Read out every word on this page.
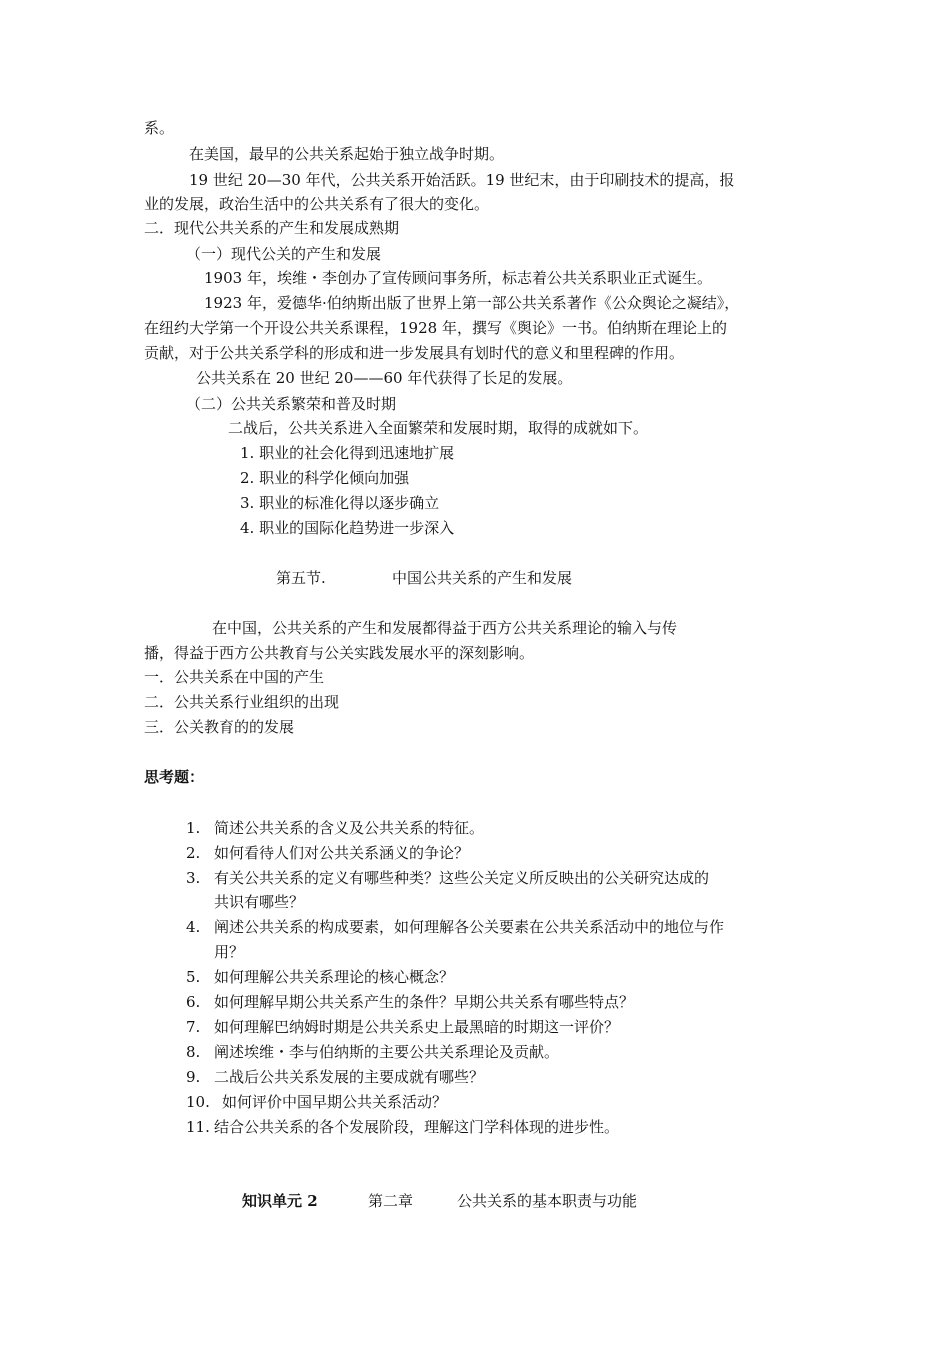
系。
在美国，最早的公共关系起始于独立战争时期。
19 世纪 20—30 年代，公共关系开始活跃。19 世纪末，由于印刷技术的提高，报
业的发展，政治生活中的公共关系有了很大的变化。
二．现代公共关系的产生和发展成熟期
（一）现代公关的产生和发展
1903 年，埃维・李创办了宣传顾问事务所，标志着公共关系职业正式诞生。
1923 年，爱德华·伯纳斯出版了世界上第一部公共关系著作《公众舆论之凝结》，
在纽约大学第一个开设公共关系课程，1928 年，撰写《舆论》一书。伯纳斯在理论上的
贡献，对于公共关系学科的形成和进一步发展具有划时代的意义和里程碑的作用。
公共关系在 20 世纪 20——60 年代获得了长足的发展。
（二）公共关系繁荣和普及时期
二战后，公共关系进入全面繁荣和发展时期，取得的成就如下。
1. 职业的社会化得到迅速地扩展
2. 职业的科学化倾向加强
3. 职业的标准化得以逐步确立
4. 职业的国际化趋势进一步深入
第五节.	中国公共关系的产生和发展
在中国，公共关系的产生和发展都得益于西方公共关系理论的输入与传
播，得益于西方公共教育与公关实践发展水平的深刻影响。
一．公共关系在中国的产生
二．公共关系行业组织的出现
三．公关教育的的发展
思考题：
1. 简述公共关系的含义及公共关系的特征。
2. 如何看待人们对公共关系涵义的争论？
3. 有关公共关系的定义有哪些种类？这些公关定义所反映出的公关研究达成的
共识有哪些？
4. 阐述公共关系的构成要素，如何理解各公关要素在公共关系活动中的地位与作
用？
5. 如何理解公共关系理论的核心概念？
6. 如何理解早期公共关系产生的条件？早期公共关系有哪些特点？
7. 如何理解巴纳姆时期是公共关系史上最黑暗的时期这一评价？
8. 阐述埃维・李与伯纳斯的主要公共关系理论及贡献。
9. 二战后公共关系发展的主要成就有哪些？
10. 如何评价中国早期公共关系活动？
11. 结合公共关系的各个发展阶段，理解这门学科体现的进步性。
知识单元 2	第二章	公共关系的基本职责与功能
